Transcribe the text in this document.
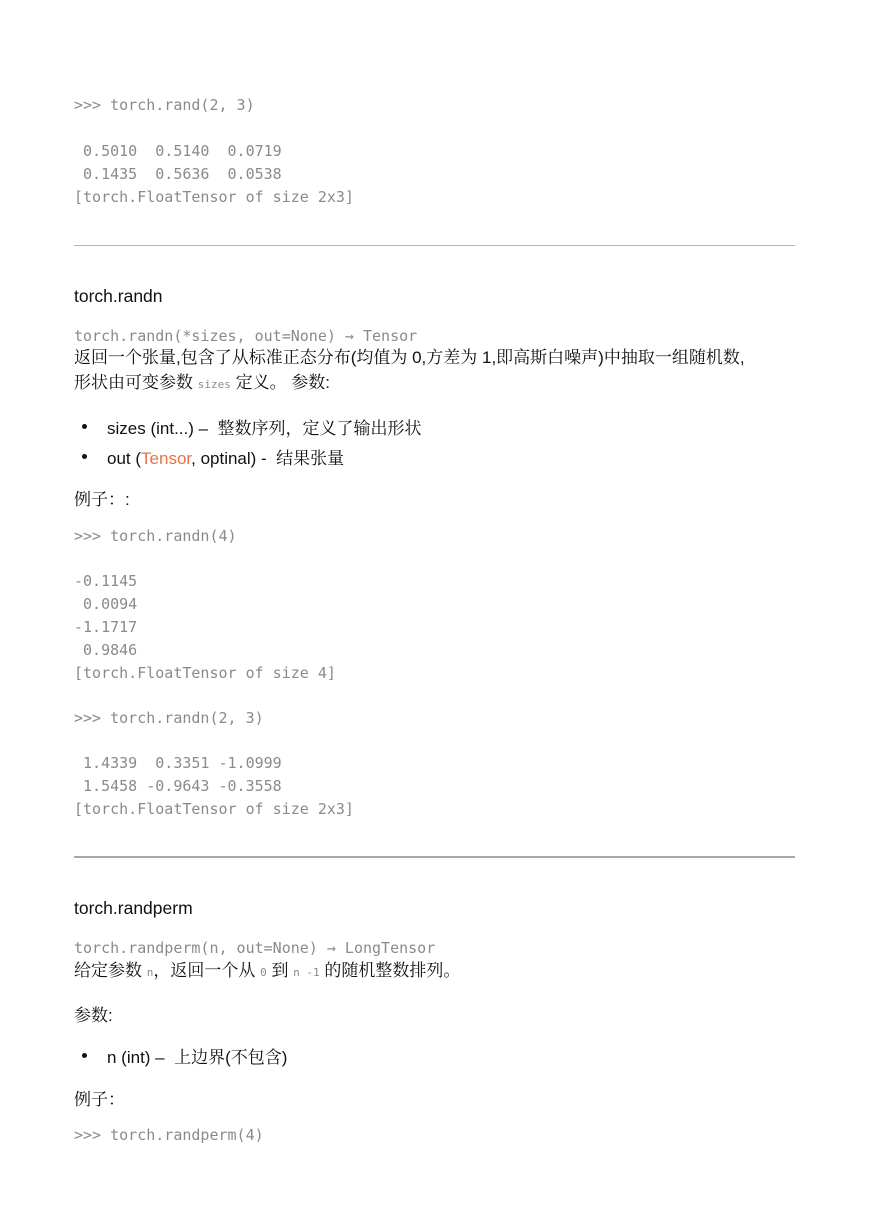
>>> torch.rand(2, 3)
0.5010  0.5140  0.0719
0.1435  0.5636  0.0538
[torch.FloatTensor of size 2x3]
torch.randn
torch.randn(*sizes, out=None) → Tensor
返回一个张量,包含了从标准正态分布(均值为 0,方差为 1,即高斯白噪声)中抽取一组随机数,
形状由可变参数 sizes 定义。 参数:
sizes (int...) – 整数序列，定义了输出形状
out (Tensor, optinal) - 结果张量
例子：:
>>> torch.randn(4)
-0.1145
0.0094
-1.1717
0.9846
[torch.FloatTensor of size 4]
>>> torch.randn(2, 3)
1.4339  0.3351 -1.0999
1.5458 -0.9643 -0.3558
[torch.FloatTensor of size 2x3]
torch.randperm
torch.randperm(n, out=None) → LongTensor
给定参数 n，返回一个从 0 到 n -1 的随机整数排列。
参数:
n (int) – 上边界(不包含)
例子：
>>> torch.randperm(4)
